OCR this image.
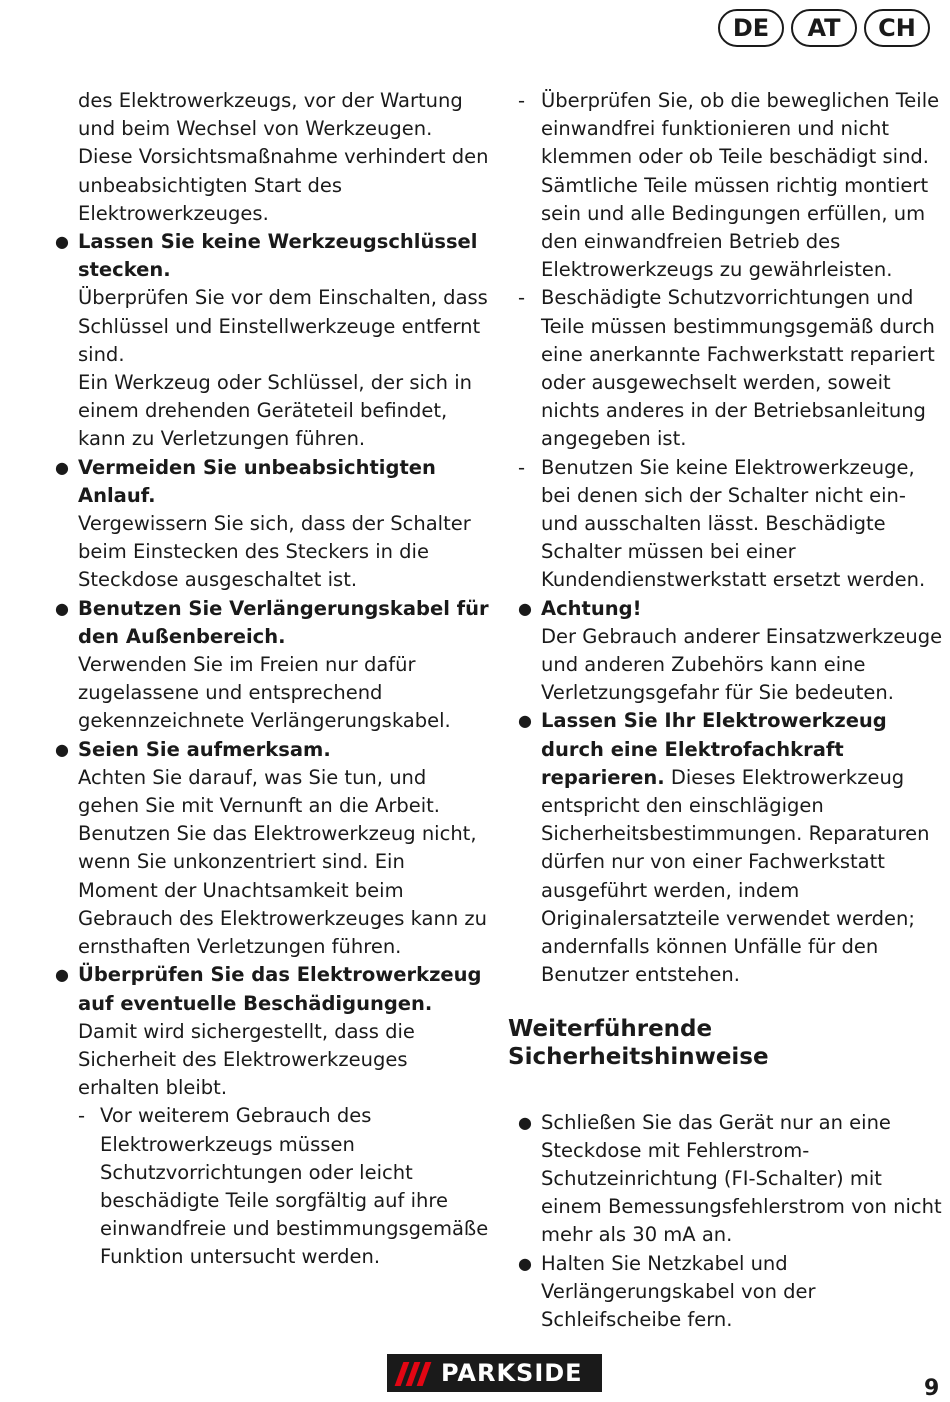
DE	AT	CH

des Elektrowerkzeugs, vor der Wartung und beim Wechsel von Werkzeugen. Diese Vorsichtsmaßnahme verhindert den unbeabsichtigten Start des Elektrowerkzeuges.

● Lassen Sie keine Werkzeugschlüssel stecken.
Überprüfen Sie vor dem Einschalten, dass Schlüssel und Einstellwerkzeuge entfernt sind.
Ein Werkzeug oder Schlüssel, der sich in einem drehenden Geräteteil befindet, kann zu Verletzungen führen.
● Vermeiden Sie unbeabsichtigten Anlauf.
Vergewissern Sie sich, dass der Schalter beim Einstecken des Steckers in die Steckdose ausgeschaltet ist.
● Benutzen Sie Verlängerungskabel für den Außenbereich.
Verwenden Sie im Freien nur dafür zugelassene und entsprechend gekennzeichnete Verlängerungskabel.
● Seien Sie aufmerksam.
Achten Sie darauf, was Sie tun, und gehen Sie mit Vernunft an die Arbeit. Benutzen Sie das Elektrowerkzeug nicht, wenn Sie unkonzentriert sind. Ein Moment der Unachtsamkeit beim Gebrauch des Elektrowerkzeuges kann zu ernsthaften Verletzungen führen.
● Überprüfen Sie das Elektrowerkzeug auf eventuelle Beschädigungen.
Damit wird sichergestellt, dass die Sicherheit des Elektrowerkzeuges erhalten bleibt.
- Vor weiterem Gebrauch des Elektrowerkzeugs müssen Schutzvorrichtungen oder leicht beschädigte Teile sorgfältig auf ihre einwandfreie und bestimmungsgemäße Funktion untersucht werden.
- Überprüfen Sie, ob die beweglichen Teile einwandfrei funktionieren und nicht klemmen oder ob Teile beschädigt sind. Sämtliche Teile müssen richtig montiert sein und alle Bedingungen erfüllen, um den einwandfreien Betrieb des Elektrowerkzeugs zu gewährleisten.
- Beschädigte Schutzvorrichtungen und Teile müssen bestimmungsgemäß durch eine anerkannte Fachwerkstatt repariert oder ausgewechselt werden, soweit nichts anderes in der Betriebsanleitung angegeben ist.
- Benutzen Sie keine Elektrowerkzeuge, bei denen sich der Schalter nicht ein- und ausschalten lässt. Beschädigte Schalter müssen bei einer Kundendienstwerkstatt ersetzt werden.
● Achtung!
Der Gebrauch anderer Einsatzwerkzeuge und anderen Zubehörs kann eine Verletzungsgefahr für Sie bedeuten.
● Lassen Sie Ihr Elektrowerkzeug durch eine Elektrofachkraft reparieren. Dieses Elektrowerkzeug entspricht den einschlägigen Sicherheitsbestimmungen. Reparaturen dürfen nur von einer Fachwerkstatt ausgeführt werden, indem Originalersatzteile verwendet werden; andernfalls können Unfälle für den Benutzer entstehen.
Weiterführende Sicherheitshinweise
● Schließen Sie das Gerät nur an eine Steckdose mit Fehlerstrom-Schutzeinrichtung (FI-Schalter) mit einem Bemessungsfehlerstrom von nicht mehr als 30 mA an.
● Halten Sie Netzkabel und Verlängerungskabel von der Schleifscheibe fern.
PARKSIDE
9
